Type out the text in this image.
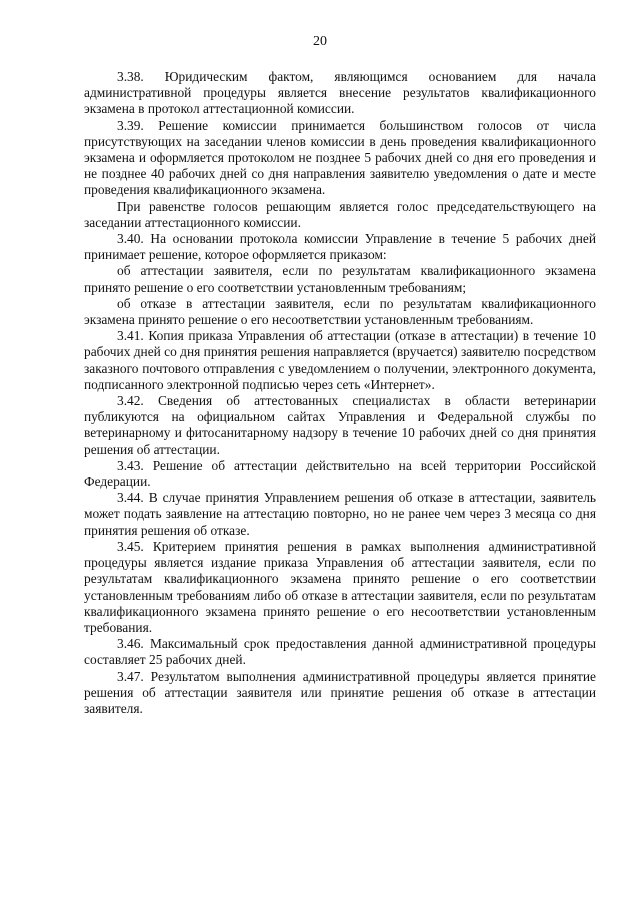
20

3.38. Юридическим фактом, являющимся основанием для начала административной процедуры является внесение результатов квалификационного экзамена в протокол аттестационной комиссии.

3.39. Решение комиссии принимается большинством голосов от числа присутствующих на заседании членов комиссии в день проведения квалификационного экзамена и оформляется протоколом не позднее 5 рабочих дней со дня его проведения и не позднее 40 рабочих дней со дня направления заявителю уведомления о дате и месте проведения квалификационного экзамена.

При равенстве голосов решающим является голос председательствующего на заседании аттестационного комиссии.

3.40. На основании протокола комиссии Управление в течение 5 рабочих дней принимает решение, которое оформляется приказом:

об аттестации заявителя, если по результатам квалификационного экзамена принято решение о его соответствии установленным требованиям;

об отказе в аттестации заявителя, если по результатам квалификационного экзамена принято решение о его несоответствии установленным требованиям.

3.41. Копия приказа Управления об аттестации (отказе в аттестации) в течение 10 рабочих дней со дня принятия решения направляется (вручается) заявителю посредством заказного почтового отправления с уведомлением о получении, электронного документа, подписанного электронной подписью через сеть «Интернет».

3.42. Сведения об аттестованных специалистах в области ветеринарии публикуются на официальном сайтах Управления и Федеральной службы по ветеринарному и фитосанитарному надзору в течение 10 рабочих дней со дня принятия решения об аттестации.

3.43. Решение об аттестации действительно на всей территории Российской Федерации.

3.44. В случае принятия Управлением решения об отказе в аттестации, заявитель может подать заявление на аттестацию повторно, но не ранее чем через 3 месяца со дня принятия решения об отказе.

3.45. Критерием принятия решения в рамках выполнения административной процедуры является издание приказа Управления об аттестации заявителя, если по результатам квалификационного экзамена принято решение о его соответствии установленным требованиям либо об отказе в аттестации заявителя, если по результатам квалификационного экзамена принято решение о его несоответствии установленным требования.

3.46. Максимальный срок предоставления данной административной процедуры составляет 25 рабочих дней.

3.47. Результатом выполнения административной процедуры является принятие решения об аттестации заявителя или принятие решения об отказе в аттестации заявителя.
